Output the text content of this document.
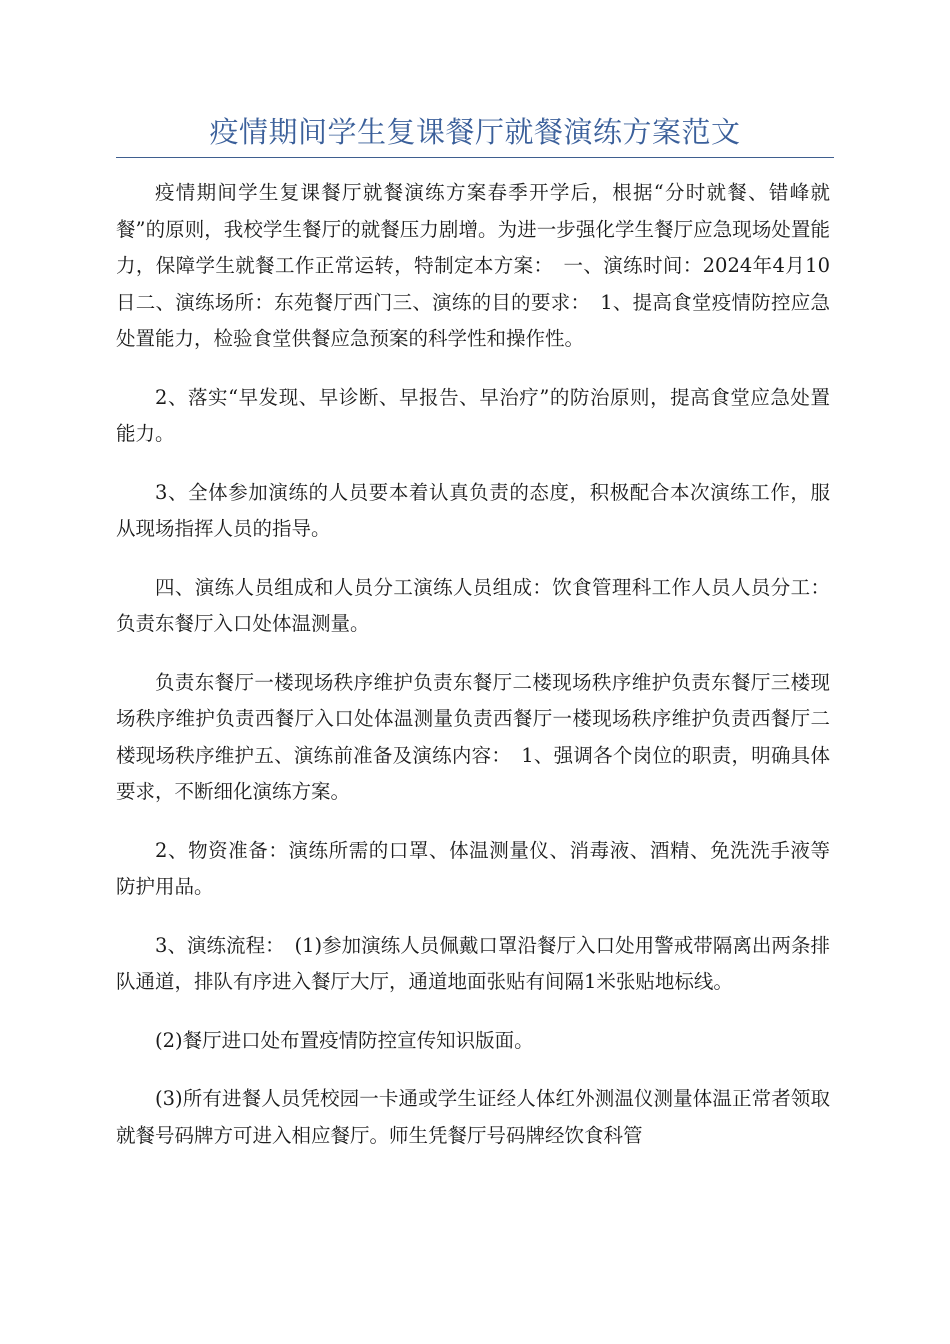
疫情期间学生复课餐厅就餐演练方案范文

疫情期间学生复课餐厅就餐演练方案春季开学后，根据“分时就餐、错峰就餐”的原则，我校学生餐厅的就餐压力剧增。为进一步强化学生餐厅应急现场处置能力，保障学生就餐工作正常运转，特制定本方案：　一、演练时间：2024年4月10日二、演练场所：东苑餐厅西门三、演练的目的要求：　1、提高食堂疫情防控应急处置能力，检验食堂供餐应急预案的科学性和操作性。

2、落实“早发现、早诊断、早报告、早治疗”的防治原则，提高食堂应急处置能力。

3、全体参加演练的人员要本着认真负责的态度，积极配合本次演练工作，服从现场指挥人员的指导。

四、演练人员组成和人员分工演练人员组成：饮食管理科工作人员人员分工：负责东餐厅入口处体温测量。

负责东餐厅一楼现场秩序维护负责东餐厅二楼现场秩序维护负责东餐厅三楼现场秩序维护负责西餐厅入口处体温测量负责西餐厅一楼现场秩序维护负责西餐厅二楼现场秩序维护五、演练前准备及演练内容：　1、强调各个岗位的职责，明确具体要求，不断细化演练方案。

2、物资准备：演练所需的口罩、体温测量仪、消毒液、酒精、免洗洗手液等防护用品。

3、演练流程：　(1)参加演练人员佩戴口罩沿餐厅入口处用警戒带隔离出两条排队通道，排队有序进入餐厅大厅，通道地面张贴有间隔1米张贴地标线。

(2)餐厅进口处布置疫情防控宣传知识版面。

(3)所有进餐人员凭校园一卡通或学生证经人体红外测温仪测量体温正常者领取就餐号码牌方可进入相应餐厅。师生凭餐厅号码牌经饮食科管
